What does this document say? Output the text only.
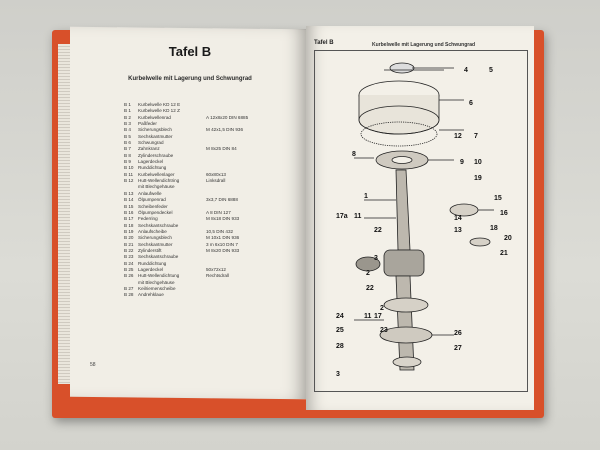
Tafel B
Kurbelwelle mit Lagerung und Schwungrad
B 1	Kurbelwelle KD 12 E
B 1	Kurbelwelle KD 12 Z
B 2	Kurbelwellenrad	A 12x8x20 DIN 6885
B 3	Paßfeder
B 4	Sicherungsblech	M 42x1,5 DIN 936
B 5	Sechskantmutter
B 6	Schwungrad
B 7	Zahnkranz	M 8x25 DIN 84
B 8	Zylinderschraube
B 9	Lagerdeckel
B 10 Runddichtung
B 11	Kurbelwellenlager	60x80x13
B 12 Hutt-Wellendichtring	Linksdrall
mit Blechgehäuse
B 13 Anlaufwelle
B 14 Ölpumpenrad	3x3,7 DIN 6888
B 15 Scheibenfeder
B 16 Ölpumpendeckel	A 8 DIN 127
B 17 Federring	M 8x18 DIN 933
B 18 Sechskantschraube
B 19 Anlaufscheibe	10,5 DIN 432
B 20 Sicherungsblech	M 10x1 DIN 936
B 21 Sechskantmutter	3 m 6x10 DIN 7
B 22 Zylinderstift	M 8x20 DIN 933
B 23 Sechskantschraube
B 24 Runddichtung
B 25 Lagerdeckel	50x72x12
B 26 Hutt-Wellendichtung	Rechtsdrall
mit Blechgehäuse
B 27 Keilriemenscheibe
B 28 Andrehklaue
58
Tafel B	Kurbelwelle mit Lagerung und Schwungrad
4	5
6
12 7
8
9 10
19
15
16
18
20
21
1
11
17a	14
13
22
3
2
11 17
24
25	23
28
3
2
22
26
27
